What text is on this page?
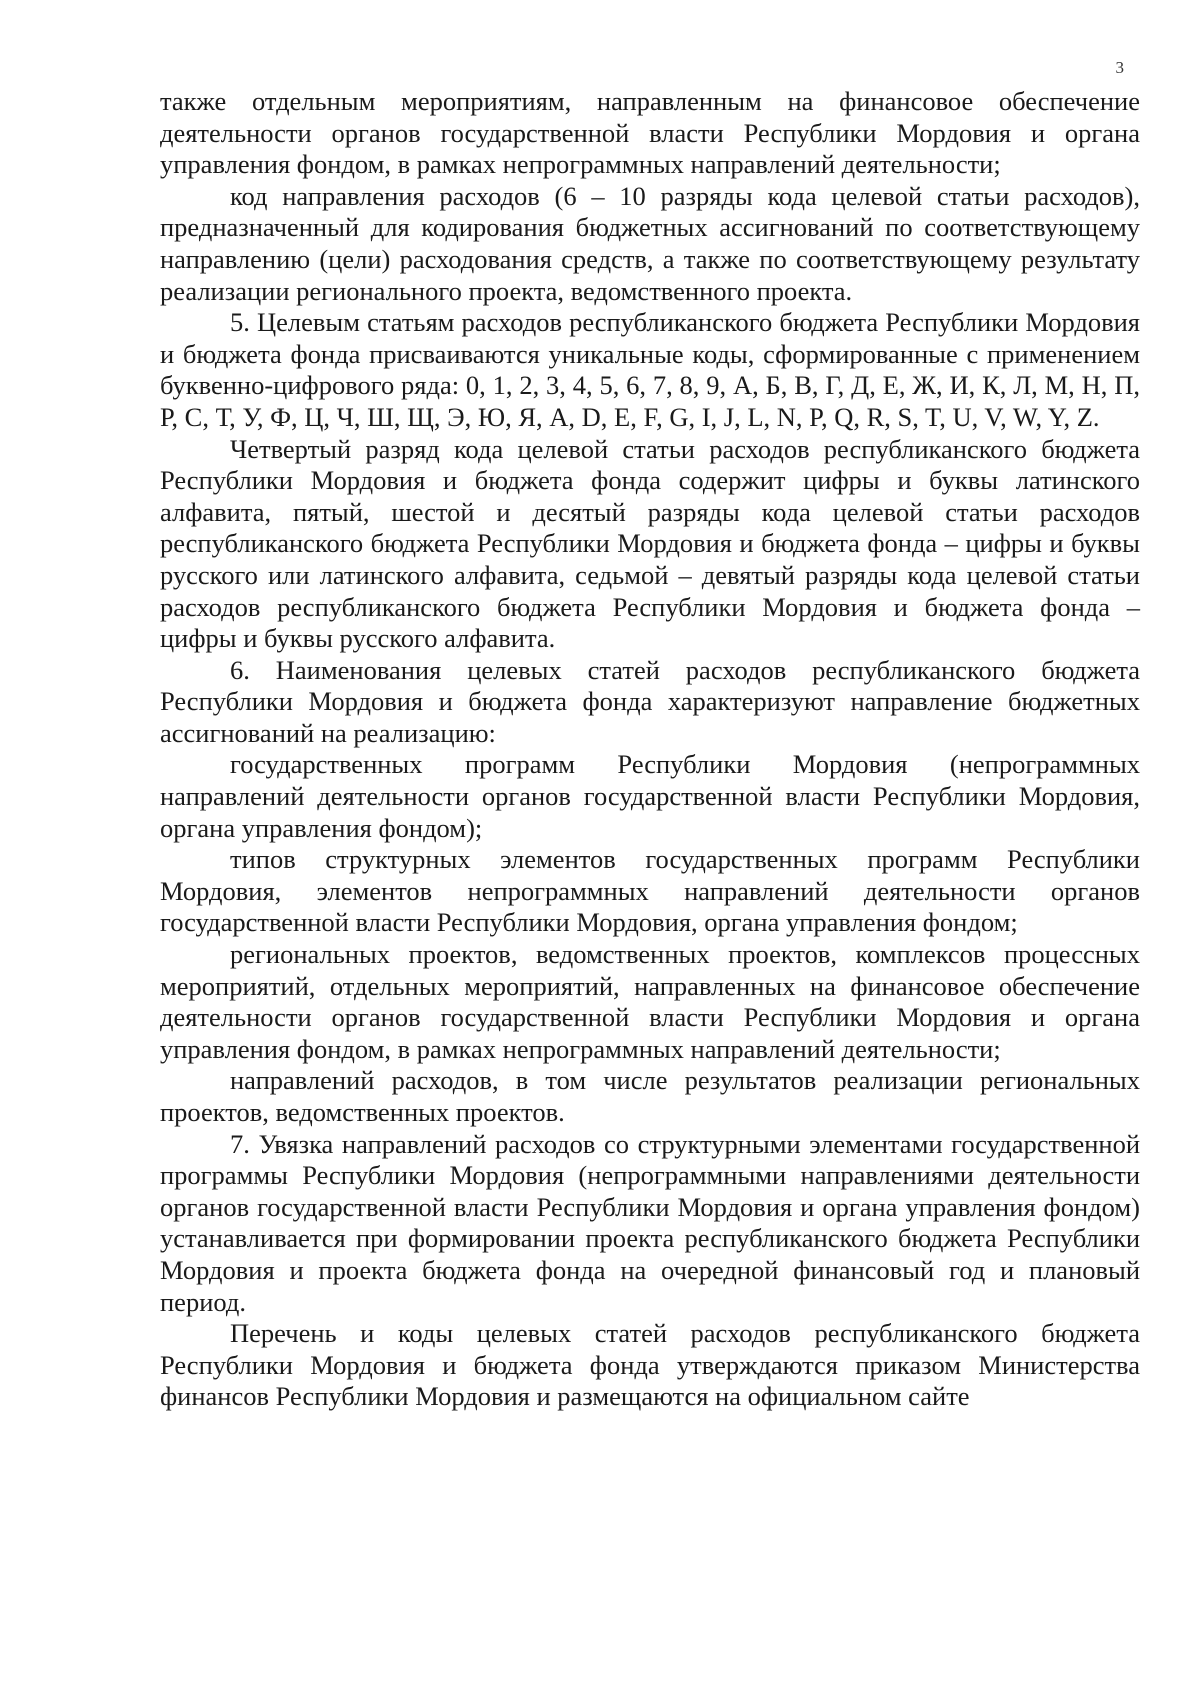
3

также отдельным мероприятиям, направленным на финансовое обеспечение деятельности органов государственной власти Республики Мордовия и органа управления фондом, в рамках непрограммных направлений деятельности;

код направления расходов (6 – 10 разряды кода целевой статьи расходов), предназначенный для кодирования бюджетных ассигнований по соответствующему направлению (цели) расходования средств, а также по соответствующему результату реализации регионального проекта, ведомственного проекта.

5. Целевым статьям расходов республиканского бюджета Республики Мордовия и бюджета фонда присваиваются уникальные коды, сформированные с применением буквенно-цифрового ряда: 0, 1, 2, 3, 4, 5, 6, 7, 8, 9, А, Б, В, Г, Д, Е, Ж, И, К, Л, М, Н, П, Р, С, Т, У, Ф, Ц, Ч, Ш, Щ, Э, Ю, Я, A, D, E, F, G, I, J, L, N, P, Q, R, S, T, U, V, W, Y, Z.

Четвертый разряд кода целевой статьи расходов республиканского бюджета Республики Мордовия и бюджета фонда содержит цифры и буквы латинского алфавита, пятый, шестой и десятый разряды кода целевой статьи расходов республиканского бюджета Республики Мордовия и бюджета фонда – цифры и буквы русского или латинского алфавита, седьмой – девятый разряды кода целевой статьи расходов республиканского бюджета Республики Мордовия и бюджета фонда – цифры и буквы русского алфавита.

6. Наименования целевых статей расходов республиканского бюджета Республики Мордовия и бюджета фонда характеризуют направление бюджетных ассигнований на реализацию:

государственных программ Республики Мордовия (непрограммных направлений деятельности органов государственной власти Республики Мордовия, органа управления фондом);

типов структурных элементов государственных программ Республики Мордовия, элементов непрограммных направлений деятельности органов государственной власти Республики Мордовия, органа управления фондом;

региональных проектов, ведомственных проектов, комплексов процессных мероприятий, отдельных мероприятий, направленных на финансовое обеспечение деятельности органов государственной власти Республики Мордовия и органа управления фондом, в рамках непрограммных направлений деятельности;

направлений расходов, в том числе результатов реализации региональных проектов, ведомственных проектов.

7. Увязка направлений расходов со структурными элементами государственной программы Республики Мордовия (непрограммными направлениями деятельности органов государственной власти Республики Мордовия и органа управления фондом) устанавливается при формировании проекта республиканского бюджета Республики Мордовия и проекта бюджета фонда на очередной финансовый год и плановый период.

Перечень и коды целевых статей расходов республиканского бюджета Республики Мордовия и бюджета фонда утверждаются приказом Министерства финансов Республики Мордовия и размещаются на официальном сайте
